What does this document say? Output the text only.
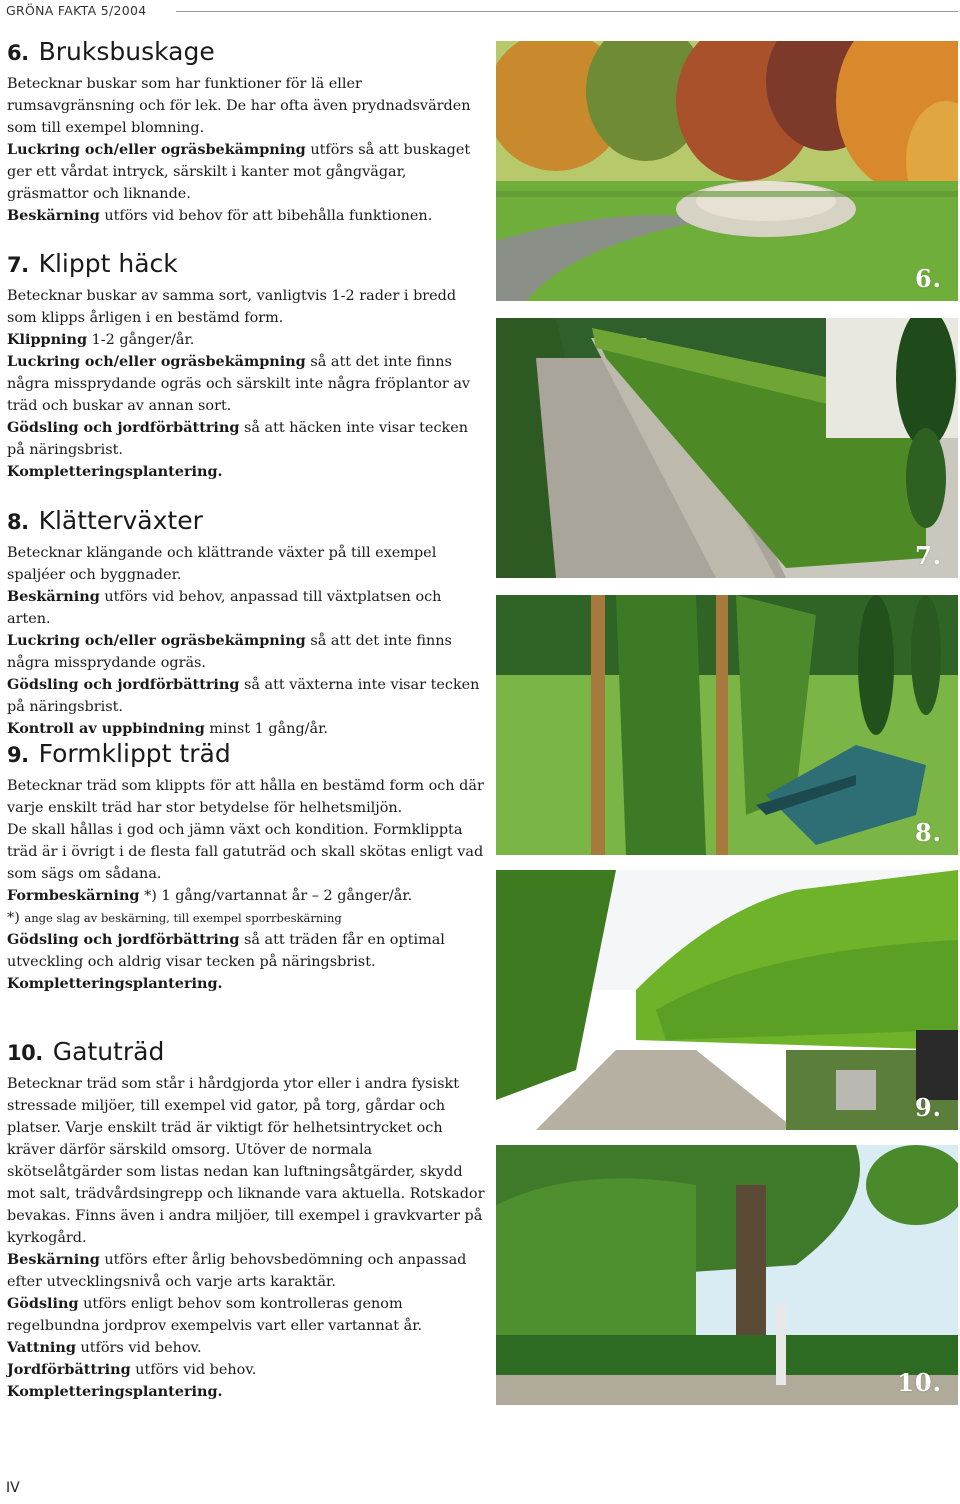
GRÖNA FAKTA 5/2004
6. Bruksbuskage

Betecknar buskar som har funktioner för lä eller rumsavgränsning och för lek. De har ofta även prydnadsvärden som till exempel blomning.

Luckring och/eller ogräsbekämpning utförs så att buskaget ger ett vårdat intryck, särskilt i kanter mot gångvägar, gräsmattor och liknande.

Beskärning utförs vid behov för att bibehålla funktionen.

7. Klippt häck

Betecknar buskar av samma sort, vanligtvis 1-2 rader i bredd som klipps årligen i en bestämd form.

Klippning 1-2 gånger/år.

Luckring och/eller ogräsbekämpning så att det inte finns några missprydande ogräs och särskilt inte några fröplantor av träd och buskar av annan sort.

Gödsling och jordförbättring så att häcken inte visar tecken på näringsbrist.

Kompletteringsplantering.

8. Klätterväxter

Betecknar klängande och klättrande växter på till exempel spaljéer och byggnader.

Beskärning utförs vid behov, anpassad till växtplatsen och arten.

Luckring och/eller ogräsbekämpning så att det inte finns några missprydande ogräs.

Gödsling och jordförbättring så att växterna inte visar tecken på näringsbrist.

Kontroll av uppbindning minst 1 gång/år.

9. Formklippt träd

Betecknar träd som klippts för att hålla en bestämd form och där varje enskilt träd har stor betydelse för helhetsmiljön.

De skall hållas i god och jämn växt och kondition. Formklippta träd är i övrigt i de flesta fall gatuträd och skall skötas enligt vad som sägs om sådana.

Formbeskärning *) 1 gång/vartannat år – 2 gånger/år.

*) ange slag av beskärning, till exempel sporrbeskärning

Gödsling och jordförbättring så att träden får en optimal utveckling och aldrig visar tecken på näringsbrist.

Kompletteringsplantering.

10. Gatuträd

Betecknar träd som står i hårdgjorda ytor eller i andra fysiskt stressade miljöer, till exempel vid gator, på torg, gårdar och platser. Varje enskilt träd är viktigt för helhetsintrycket och kräver därför särskild omsorg. Utöver de normala skötselåtgärder som listas nedan kan luftningsåtgärder, skydd mot salt, trädvårdsingrepp och liknande vara aktuella. Rotskador bevakas. Finns även i andra miljöer, till exempel i gravkvarter på kyrkogård.

Beskärning utförs efter årlig behovsbedömning och anpassad efter utvecklingsnivå och varje arts karaktär.

Gödsling utförs enligt behov som kontrolleras genom regelbundna jordprov exempelvis vart eller vartannat år.

Vattning utförs vid behov.

Jordförbättring utförs vid behov.

Kompletteringsplantering.

6.
7.
8.
9.
10.
IV
